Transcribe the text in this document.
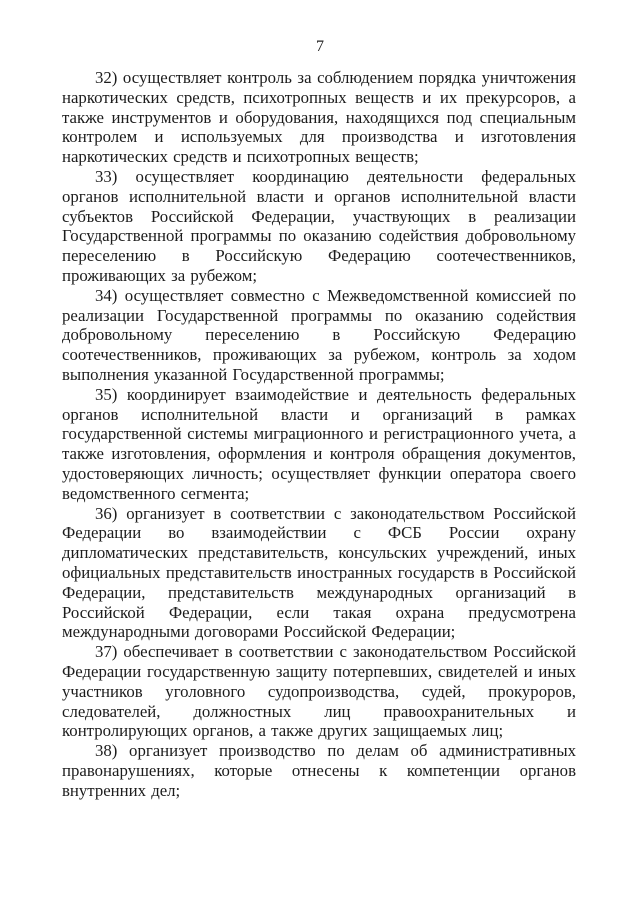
7

32) осуществляет контроль за соблюдением порядка уничтожения наркотических средств, психотропных веществ и их прекурсоров, а также инструментов и оборудования, находящихся под специальным контролем и используемых для производства и изготовления наркотических средств и психотропных веществ;

33) осуществляет координацию деятельности федеральных органов исполнительной власти и органов исполнительной власти субъектов Российской Федерации, участвующих в реализации Государственной программы по оказанию содействия добровольному переселению в Российскую Федерацию соотечественников, проживающих за рубежом;

34) осуществляет совместно с Межведомственной комиссией по реализации Государственной программы по оказанию содействия добровольному переселению в Российскую Федерацию соотечественников, проживающих за рубежом, контроль за ходом выполнения указанной Государственной программы;

35) координирует взаимодействие и деятельность федеральных органов исполнительной власти и организаций в рамках государственной системы миграционного и регистрационного учета, а также изготовления, оформления и контроля обращения документов, удостоверяющих личность; осуществляет функции оператора своего ведомственного сегмента;

36) организует в соответствии с законодательством Российской Федерации во взаимодействии с ФСБ России охрану дипломатических представительств, консульских учреждений, иных официальных представительств иностранных государств в Российской Федерации, представительств международных организаций в Российской Федерации, если такая охрана предусмотрена международными договорами Российской Федерации;

37) обеспечивает в соответствии с законодательством Российской Федерации государственную защиту потерпевших, свидетелей и иных участников уголовного судопроизводства, судей, прокуроров, следователей, должностных лиц правоохранительных и контролирующих органов, а также других защищаемых лиц;

38) организует производство по делам об административных правонарушениях, которые отнесены к компетенции органов внутренних дел;
